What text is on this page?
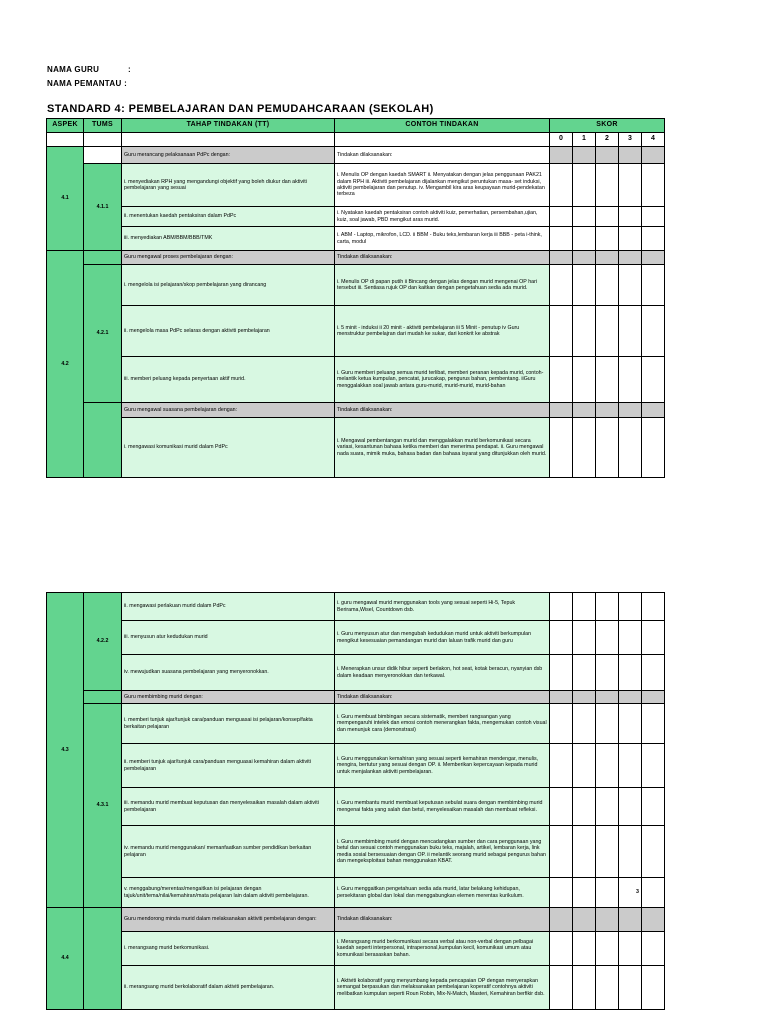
NAMA GURU	:
NAMA PEMANTAU :
STANDARD 4: PEMBELAJARAN DAN PEMUDAHCARAAN (SEKOLAH)
ASPEK	TUMS	TAHAP TINDAKAN (TT)	CONTOH TINDAKAN	SKOR				
				0	1	2	3	4
4.1		Guru merancang pelaksanaan PdPc dengan:	Tindakan dilaksanakan:					
	4.1.1	i. menyediakan RPH yang mengandungi objektif yang boleh diukur dan aktiviti pembelajaran yang sesuai	i. Menulis OP dengan kaedah SMART ii. Menyatakan dengan jelas penggunaan PAK21 dalam RPH iii. Aktiviti pembelajaran dijalankan mengikut peruntukan masa- set induksi, aktiviti pembelajaran dan penutup. iv. Mengambil kira aras keupayaan murid-pendekatan terbeza					
		ii. menentukan kaedah pentaksiran dalam PdPc	i. Nyatakan kaedah pentaksiran contoh aktiviti kuiz, pemerhatian, persembahan,ujian, kuiz, soal jawab, PBD mengikut aras murid.					
		iii. menyediakan ABM/BBM/BBB/TMK	i. ABM - Laptop, mikrofon, LCD. ii BBM - Buku teks,lembaran kerja iii BBB - peta i-think, carta, modul					
4.2		Guru mengawal proses pembelajaran dengan:	Tindakan dilaksanakan:					
	4.2.1	i. mengelola isi pelajaran/skop pembelajaran yang dirancang	i. Menulis OP di papan putih ii Bincang dengan jelas dengan murid mengenai OP hari tersebut iii. Sentiasa rujuk OP dan kaitkan dengan pengetahuan sedia ada murid.					
		ii. mengelola masa PdPc selaras dengan aktiviti pembelajaran	i. 5 minit - induksi ii 20 minit - aktiviti pembelajaran iii 5 Minit - penutup iv Guru menstruktur pembelajran dari mudah ke sukar, dari konkrit ke abstrak					
		iii. memberi peluang kepada penyertaan aktif murid.	i. Guru memberi peluang semua murid terlibat, memberi peranan kepada murid, contoh- melantik ketua kumpulan, pencatat, jurucakap, pengurus bahan, pembentang. iiGuru menggalakkan soal jawab antara guru-murid, murid-murid, murid-bahan					
		Guru mengawal suasana pembelajaran dengan:	Tindakan dilaksanakan:					
		i. mengawasi komunikasi murid dalam PdPc	i. Mengawal pembentangan murid dan menggalakkan murid berkomunikasi secara variasi, kesantunan bahasa ketika memberi dan menerima pendapat. ii. Guru mengawal nada suara, mimik muka, bahasa badan dan bahasa isyarat yang ditunjukkan oleh murid.					
4.3	4.2.2	ii. mengawasi perlakuan murid dalam PdPc	i. guru mengawal murid menggunakan tools yang sesuai seperti Hi-5, Tepuk Berirama,Wisel, Countdown dsb.					
		iii. menyusun atur kedudukan murid	i. Guru menyusun atur dan mengubah kedudukan murid untuk aktiviti berkumpulan mengikut kesesuaian pemandangan murid dan laluan trafik murid dan guru					
		iv. mewujudkan suasana pembelajaran yang menyeronokkan.	i. Menerapkan unsur didik hibur seperti berlakon, hot seat, kotak beracun, nyanyian dsb dalam keadaan menyeronokkan dan terkawal.					
		Guru membimbing murid dengan:	Tindakan dilaksanakan:					
	4.3.1	i. memberi tunjuk ajar/tunjuk cara/panduan menguasai isi pelajaran/konsep/fakta berkaitan pelajaran	i. Guru membuat bimbingan secara sistematik, memberi rangsangan yang mempengaruhi intelek dan emosi contoh menerangkan fakta, mengemukan contoh visual dan menunjuk cara (demonstrasi)					
		ii. memberi tunjuk ajar/tunjuk cara/panduan menguasai kemahiran dalam aktiviti pembelajaran	i. Guru menggunakan kemahiran yang sesuai seperti kemahiran mendengar, menulis, mengira, bertutur yang sesuai dengan OP. ii. Memberikan kepercayaan kepada murid untuk menjalankan aktiviti pembelajaran.					
		iii. memandu murid membuat keputusan dan menyelesaikan masalah dalam aktiviti pembelajaran	i. Guru membantu murid membuat keputusan sebulat suara dengan membimbing murid mengenai fakta yang salah dan betul, menyelesaikan masalah dan membuat refleksi.					
		iv. memandu murid menggunakan/ memanfaatkan sumber pendidikan berkaitan pelajaran	i. Guru membimbing murid dengan mencadangkan sumber dan cara penggunaan yang betul dan sesuai contoh menggunakan buku teks, majalah, artikel, lembaran kerja, link media sosial bersesuaian dengan OP. ii melantik seorang murid sebagai pengurus bahan dan mengeksploitasi bahan menggunakan KBAT.					
		v. menggabung/merentas/mengaitkan isi pelajaran dengan tajuk/unit/tema/nilai/kemahiran/mata pelajaran lain dalam aktiviti pembelajaran.	i. Guru menggaitkan pengetahuan sedia ada murid, latar belakang kehidupan, persekitaran global dan lokal dan menggabungkan elemen merentas kurikulum.				3	
4.4		Guru mendorong minda murid dalam melaksanakan aktiviti pembelajaran dengan:	Tindakan dilaksanakan:					
		i. merangsang murid berkomunikasi.	i. Merangsang murid berkomunikasi secara verbal atau non-verbal dengan pelbagai kaedah seperti interpersonal, intrapersonal,kumpulan kecil, komunikasi umum atau komunikasi berasaskan bahan.					
		ii. merangsang murid berkolaboratif dalam aktiviti pembelajaran.	i. Aktiviti kolaboratif yang menyumbang kepada pencapaian OP dengan menyerapkan semangat berpasukan dan melaksanakan pembelajaran koperatif contohnya aktiviti melibatkan kumpulan seperti Roun Robin, Mix-N-Match, Masteri, Kemahiran berfikir dsb.					
